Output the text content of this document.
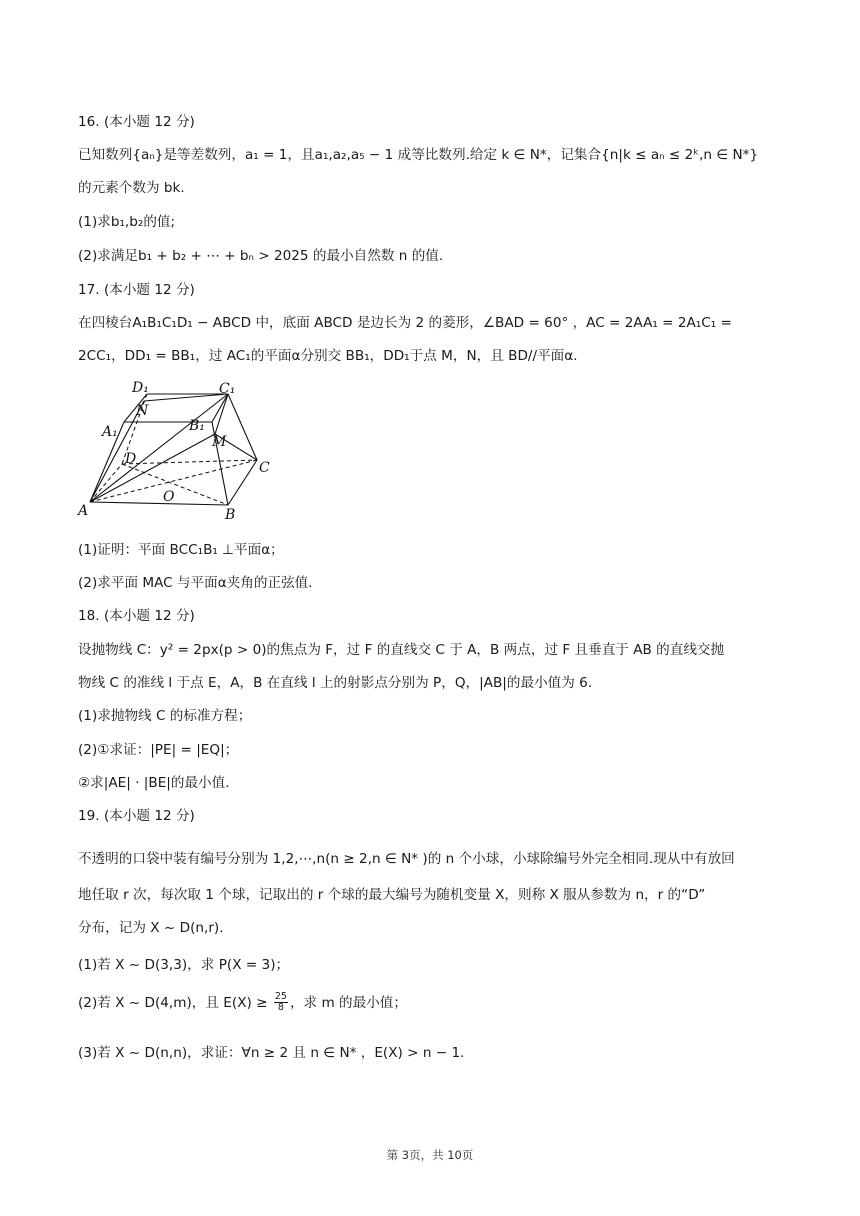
16. (本小题 12 分)
已知数列{aₙ}是等差数列，a₁ = 1，且a₁,a₂,a₅ − 1 成等比数列.给定 k ∈ N*，记集合{n|k ≤ aₙ ≤ 2ᵏ,n ∈ N*}
的元素个数为 bk.
(1)求b₁,b₂的值;
(2)求满足b₁ + b₂ + ⋯ + bₙ > 2025 的最小自然数 n 的值.
17. (本小题 12 分)
在四棱台A₁B₁C₁D₁ − ABCD 中，底面 ABCD 是边长为 2 的菱形，∠BAD = 60° ，AC = 2AA₁ = 2A₁C₁ =
2CC₁，DD₁ = BB₁，过 AC₁的平面α分别交 BB₁，DD₁于点 M，N，且 BD//平面α.
D₁	C₁
N
A₁	B₁
M
D
C
O
A	B
(1)证明：平面 BCC₁B₁ ⊥平面α；
(2)求平面 MAC 与平面α夹角的正弦值.
18. (本小题 12 分)
设抛物线 C：y² = 2px(p > 0)的焦点为 F，过 F 的直线交 C 于 A，B 两点，过 F 且垂直于 AB 的直线交抛
物线 C 的准线 l 于点 E，A，B 在直线 l 上的射影点分别为 P，Q，|AB|的最小值为 6.
(1)求抛物线 C 的标准方程；
(2)①求证：|PE| = |EQ|；
②求|AE| · |BE|的最小值.
19. (本小题 12 分)
不透明的口袋中装有编号分别为 1,2,⋯,n(n ≥ 2,n ∈ N* )的 n 个小球，小球除编号外完全相同.现从中有放回
地任取 r 次，每次取 1 个球，记取出的 r 个球的最大编号为随机变量 X，则称 X 服从参数为 n，r 的“D”
分布，记为 X ~ D(n,r).
(1)若 X ~ D(3,3)，求 P(X = 3)；
(2)若 X ~ D(4,m)，且 $E(X) \ge \frac{25}{8}$ ，求 m 的最小值；
(3)若 X ~ D(n,n)，求证：∀n ≥ 2 且 n ∈ N* ，E(X) > n − 1.
第 3页，共 10页
